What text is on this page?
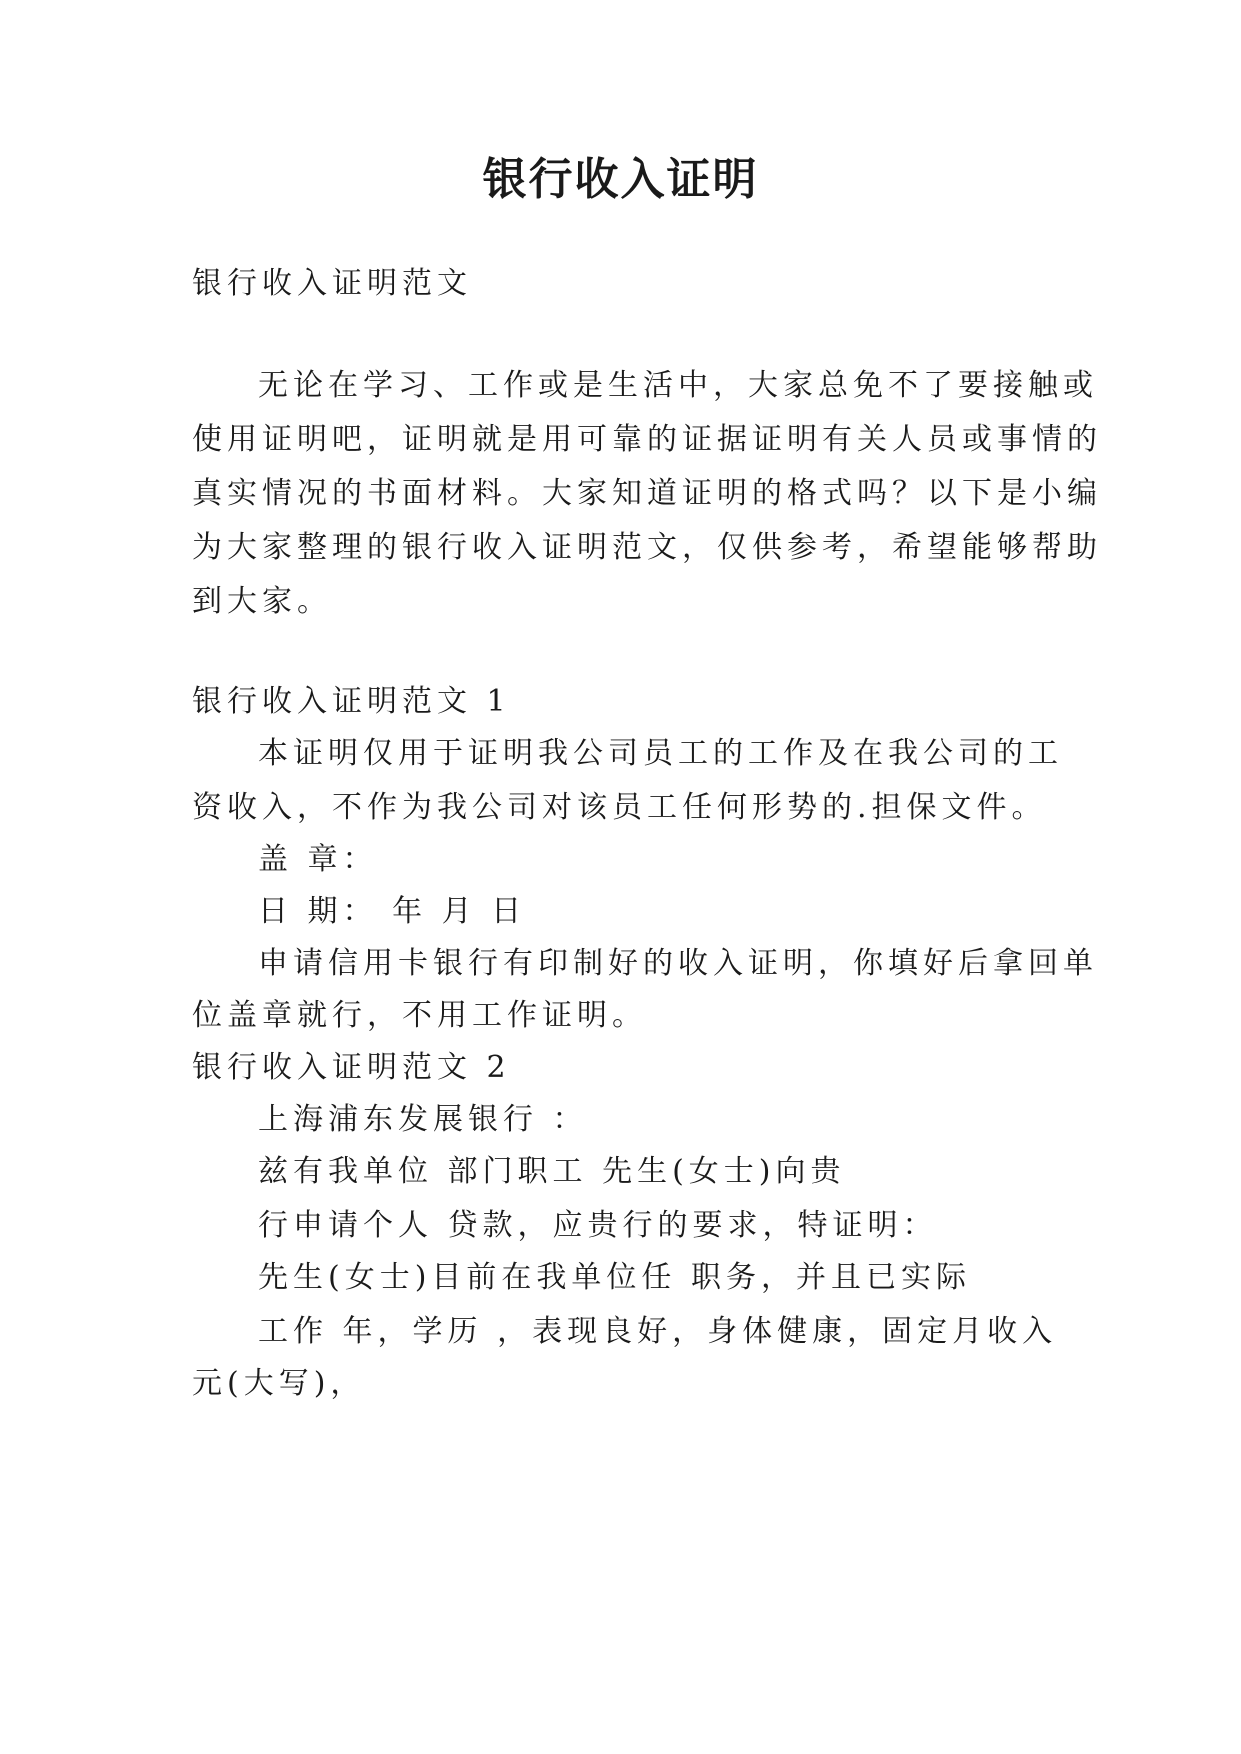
银行收入证明

银行收入证明范文

无论在学习、工作或是生活中，大家总免不了要接触或

使用证明吧，证明就是用可靠的证据证明有关人员或事情的

真实情况的书面材料。大家知道证明的格式吗？以下是小编

为大家整理的银行收入证明范文，仅供参考，希望能够帮助

到大家。

银行收入证明范文 1

本证明仅用于证明我公司员工的工作及在我公司的工

资收入，不作为我公司对该员工任何形势的.担保文件。

盖 章：

日 期： 年 月 日

申请信用卡银行有印制好的收入证明，你填好后拿回单

位盖章就行，不用工作证明。

银行收入证明范文 2

上海浦东发展银行 ：

兹有我单位 部门职工 先生(女士)向贵

行申请个人 贷款，应贵行的要求，特证明：

先生(女士)目前在我单位任 职务，并且已实际

工作 年，学历 ，表现良好，身体健康，固定月收入

元(大写)，
